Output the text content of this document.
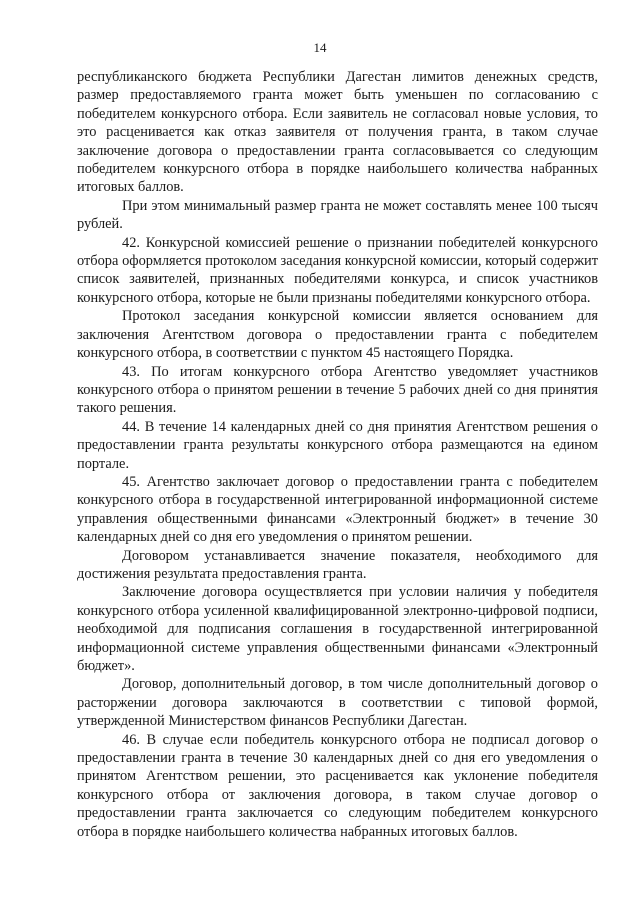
14

республиканского бюджета Республики Дагестан лимитов денежных средств, размер предоставляемого гранта может быть уменьшен по согласованию с победителем конкурсного отбора. Если заявитель не согласовал новые условия, то это расценивается как отказ заявителя от получения гранта, в таком случае заключение договора о предоставлении гранта согласовывается со следующим победителем конкурсного отбора в порядке наибольшего количества набранных итоговых баллов.

При этом минимальный размер гранта не может составлять менее 100 тысяч рублей.

42. Конкурсной комиссией решение о признании победителей конкурсного отбора оформляется протоколом заседания конкурсной комиссии, который содержит список заявителей, признанных победителями конкурса, и список участников конкурсного отбора, которые не были признаны победителями конкурсного отбора.

Протокол заседания конкурсной комиссии является основанием для заключения Агентством договора о предоставлении гранта с победителем конкурсного отбора, в соответствии с пунктом 45 настоящего Порядка.

43. По итогам конкурсного отбора Агентство уведомляет участников конкурсного отбора о принятом решении в течение 5 рабочих дней со дня принятия такого решения.

44. В течение 14 календарных дней со дня принятия Агентством решения о предоставлении гранта результаты конкурсного отбора размещаются на едином портале.

45. Агентство заключает договор о предоставлении гранта с победителем конкурсного отбора в государственной интегрированной информационной системе управления общественными финансами «Электронный бюджет» в течение 30 календарных дней со дня его уведомления о принятом решении.

Договором устанавливается значение показателя, необходимого для достижения результата предоставления гранта.

Заключение договора осуществляется при условии наличия у победителя конкурсного отбора усиленной квалифицированной электронно-цифровой подписи, необходимой для подписания соглашения в государственной интегрированной информационной системе управления общественными финансами «Электронный бюджет».

Договор, дополнительный договор, в том числе дополнительный договор о расторжении договора заключаются в соответствии с типовой формой, утвержденной Министерством финансов Республики Дагестан.

46. В случае если победитель конкурсного отбора не подписал договор о предоставлении гранта в течение 30 календарных дней со дня его уведомления о принятом Агентством решении, это расценивается как уклонение победителя конкурсного отбора от заключения договора, в таком случае договор о предоставлении гранта заключается со следующим победителем конкурсного отбора в порядке наибольшего количества набранных итоговых баллов.
